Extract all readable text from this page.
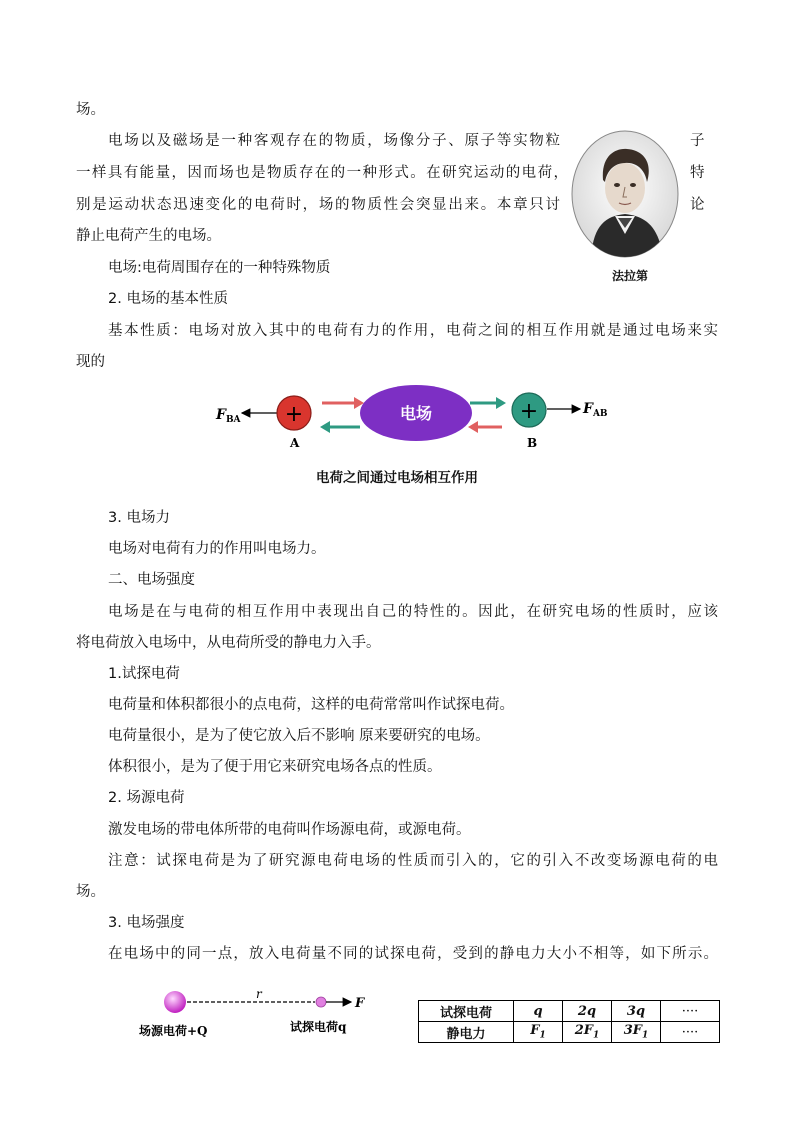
场。
电场以及磁场是一种客观存在的物质，场像分子、原子等实物粒	子
一样具有能量，因而场也是物质存在的一种形式。在研究运动的电荷，	特
别是运动状态迅速变化的电荷时，场的物质性会突显出来。本章只讨	论
静止电荷产生的电场。
法拉第
电场:电荷周围存在的一种特殊物质
2. 电场的基本性质
基本性质：电场对放入其中的电荷有力的作用，电荷之间的相互作用就是通过电场来实
现的
$F_{BA}$ +
A
电场	+
B
$F_{AB}$
电荷之间通过电场相互作用
3. 电场力
电场对电荷有力的作用叫电场力。
二、电场强度
电场是在与电荷的相互作用中表现出自己的特性的。因此，在研究电场的性质时，应该
将电荷放入电场中，从电荷所受的静电力入手。
1.试探电荷
电荷量和体积都很小的点电荷，这样的电荷常常叫作试探电荷。
电荷量很小，是为了使它放入后不影响 原来要研究的电场。
体积很小，是为了便于用它来研究电场各点的性质。
2. 场源电荷
激发电场的带电体所带的电荷叫作场源电荷，或源电荷。
注意：试探电荷是为了研究源电荷电场的性质而引入的，它的引入不改变场源电荷的电
场。
3. 电场强度
在电场中的同一点，放入电荷量不同的试探电荷，受到的静电力大小不相等，如下所示。
r
F
场源电荷+Q	试探电荷q
试探电荷	q	2q	3q	····
静电力	$F_1$	$2F_1$	$3F_1$	····
